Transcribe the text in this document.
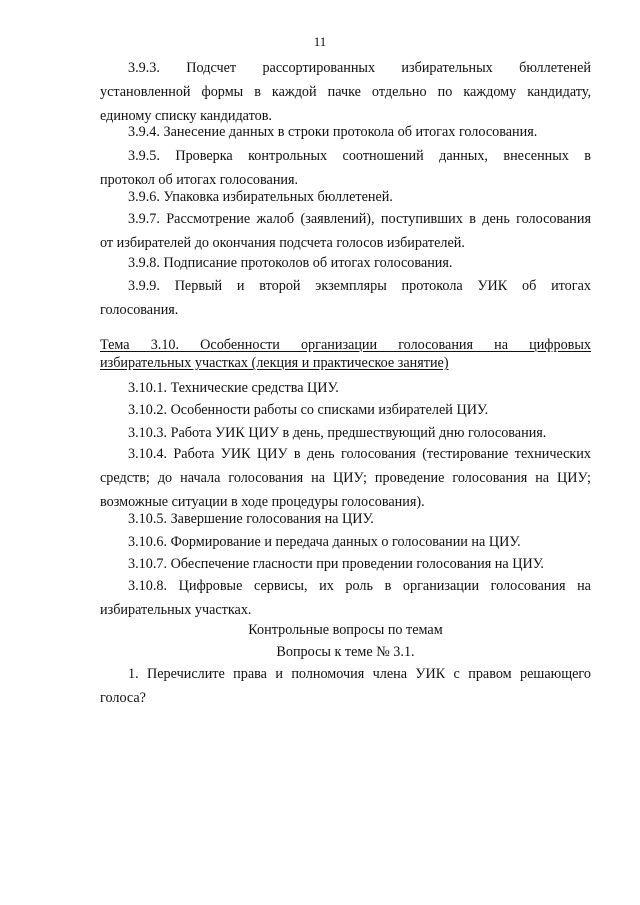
11
3.9.3. Подсчет рассортированных избирательных бюллетеней
установленной формы в каждой пачке отдельно по каждому кандидату,
единому списку кандидатов.
3.9.4. Занесение данных в строки протокола об итогах голосования.
3.9.5. Проверка контрольных соотношений данных, внесенных в
протокол об итогах голосования.
3.9.6. Упаковка избирательных бюллетеней.
3.9.7. Рассмотрение жалоб (заявлений), поступивших в день голосования
от избирателей до окончания подсчета голосов избирателей.
3.9.8. Подписание протоколов об итогах голосования.
3.9.9. Первый и второй экземпляры протокола УИК об итогах
голосования.
Тема 3.10. Особенности организации голосования на цифровых
избирательных участках (лекция и практическое занятие)
3.10.1. Технические средства ЦИУ.
3.10.2. Особенности работы со списками избирателей ЦИУ.
3.10.3. Работа УИК ЦИУ в день, предшествующий дню голосования.
3.10.4. Работа УИК ЦИУ в день голосования (тестирование технических
средств; до начала голосования на ЦИУ; проведение голосования на ЦИУ;
возможные ситуации в ходе процедуры голосования).
3.10.5. Завершение голосования на ЦИУ.
3.10.6. Формирование и передача данных о голосовании на ЦИУ.
3.10.7. Обеспечение гласности при проведении голосования на ЦИУ.
3.10.8. Цифровые сервисы, их роль в организации голосования на
избирательных участках.
Контрольные вопросы по темам
Вопросы к теме № 3.1.
1. Перечислите права и полномочия члена УИК с правом решающего
голоса?
